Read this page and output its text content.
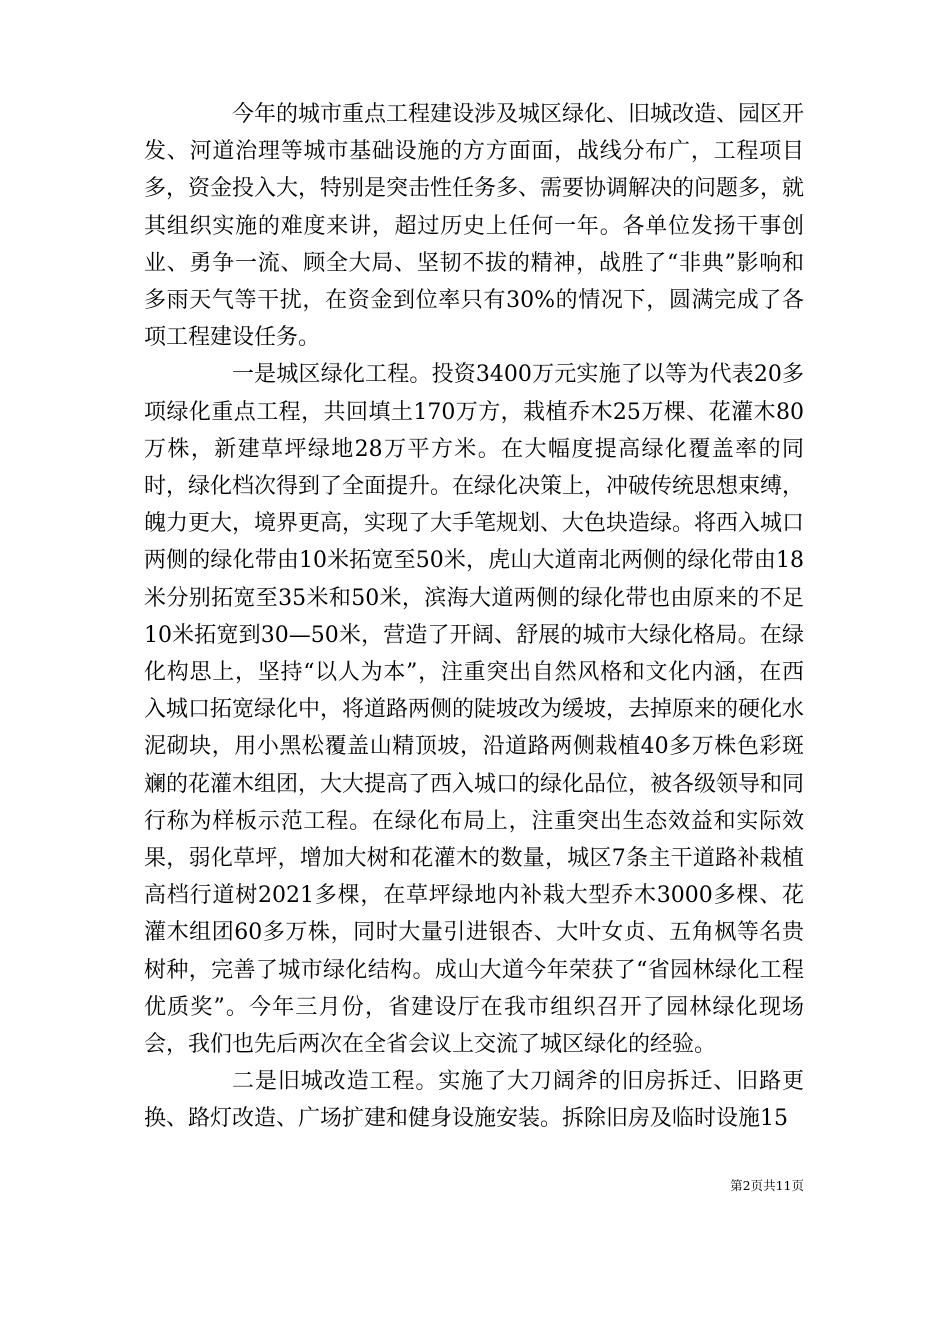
今年的城市重点工程建设涉及城区绿化、旧城改造、园区开发、河道治理等城市基础设施的方方面面，战线分布广，工程项目多，资金投入大，特别是突击性任务多、需要协调解决的问题多，就其组织实施的难度来讲，超过历史上任何一年。各单位发扬干事创业、勇争一流、顾全大局、坚韧不拔的精神，战胜了“非典”影响和多雨天气等干扰，在资金到位率只有30%的情况下，圆满完成了各项工程建设任务。

一是城区绿化工程。投资3400万元实施了以等为代表20多项绿化重点工程，共回填土170万方，栽植乔木25万棵、花灌木80万株，新建草坪绿地28万平方米。在大幅度提高绿化覆盖率的同时，绿化档次得到了全面提升。在绿化决策上，冲破传统思想束缚，魄力更大，境界更高，实现了大手笔规划、大色块造绿。将西入城口两侧的绿化带由10米拓宽至50米，虎山大道南北两侧的绿化带由18米分别拓宽至35米和50米，滨海大道两侧的绿化带也由原来的不足10米拓宽到30—50米，营造了开阔、舒展的城市大绿化格局。在绿化构思上，坚持“以人为本”，注重突出自然风格和文化内涵，在西入城口拓宽绿化中，将道路两侧的陡坡改为缓坡，去掉原来的硬化水泥砌块，用小黑松覆盖山精顶坡，沿道路两侧栽植40多万株色彩斑斓的花灌木组团，大大提高了西入城口的绿化品位，被各级领导和同行称为样板示范工程。在绿化布局上，注重突出生态效益和实际效果，弱化草坪，增加大树和花灌木的数量，城区7条主干道路补栽植高档行道树2021多棵，在草坪绿地内补栽大型乔木3000多棵、花灌木组团60多万株，同时大量引进银杏、大叶女贞、五角枫等名贵树种，完善了城市绿化结构。成山大道今年荣获了“省园林绿化工程优质奖”。今年三月份，省建设厅在我市组织召开了园林绿化现场会，我们也先后两次在全省会议上交流了城区绿化的经验。

二是旧城改造工程。实施了大刀阔斧的旧房拆迁、旧路更换、路灯改造、广场扩建和健身设施安装。拆除旧房及临时设施15

第2页共11页
